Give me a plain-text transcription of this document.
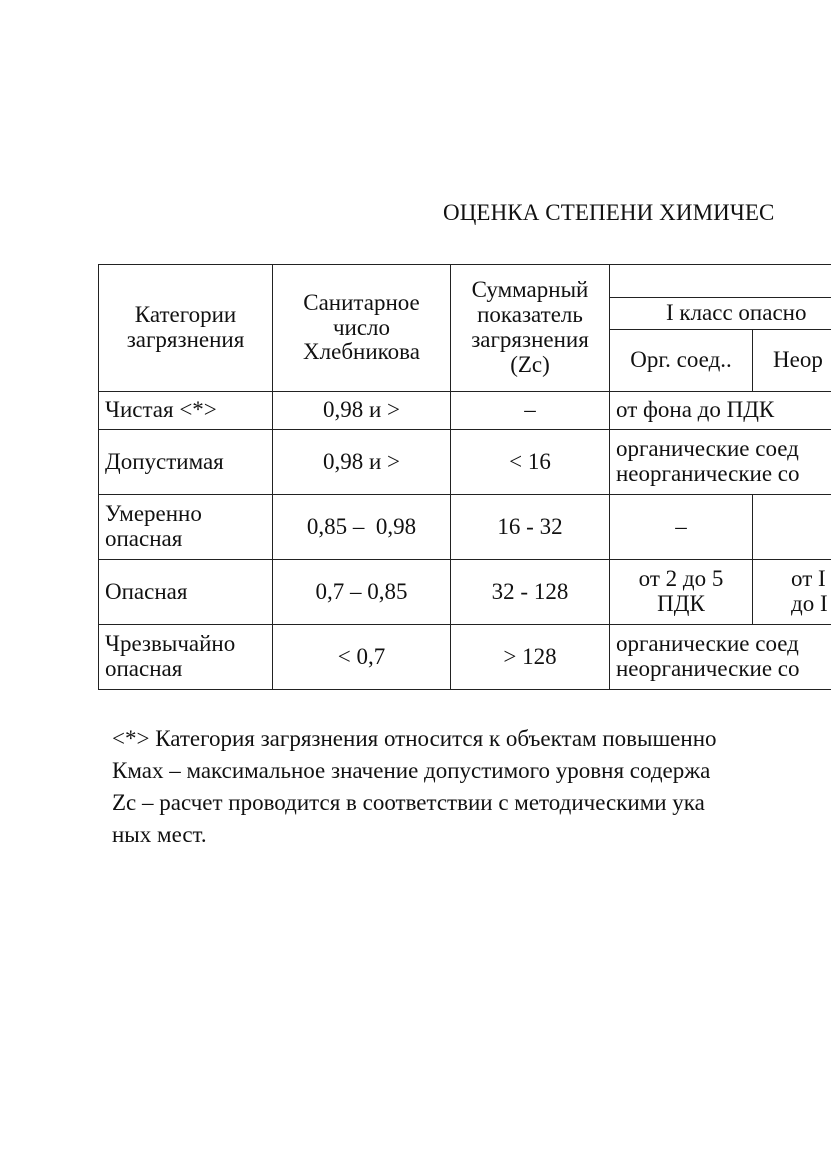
ОЦЕНКА СТЕПЕНИ ХИМИЧЕС
Категории загрязнения	Санитарное число Хлебникова	Суммарный показатель загрязнения (Zc)		
			I класс опасно	
			Орг. соед..	Неор
Чистая <*>	0,98 и >	–	от фона до ПДК	
Допустимая	0,98 и >	< 16	органические соед неорганические со	
Умеренно опасная	0,85 –  0,98	16 - 32	–	
Опасная	0,7 – 0,85	32 - 128	от 2 до 5 ПДК	от I до I
Чрезвычайно опасная	< 0,7	> 128	органические соед неорганические со	
<*> Категория загрязнения относится к объектам повышенно
Кмах – максимальное значение допустимого уровня содержа
Zc – расчет проводится в соответствии с методическими ука
ных мест.
